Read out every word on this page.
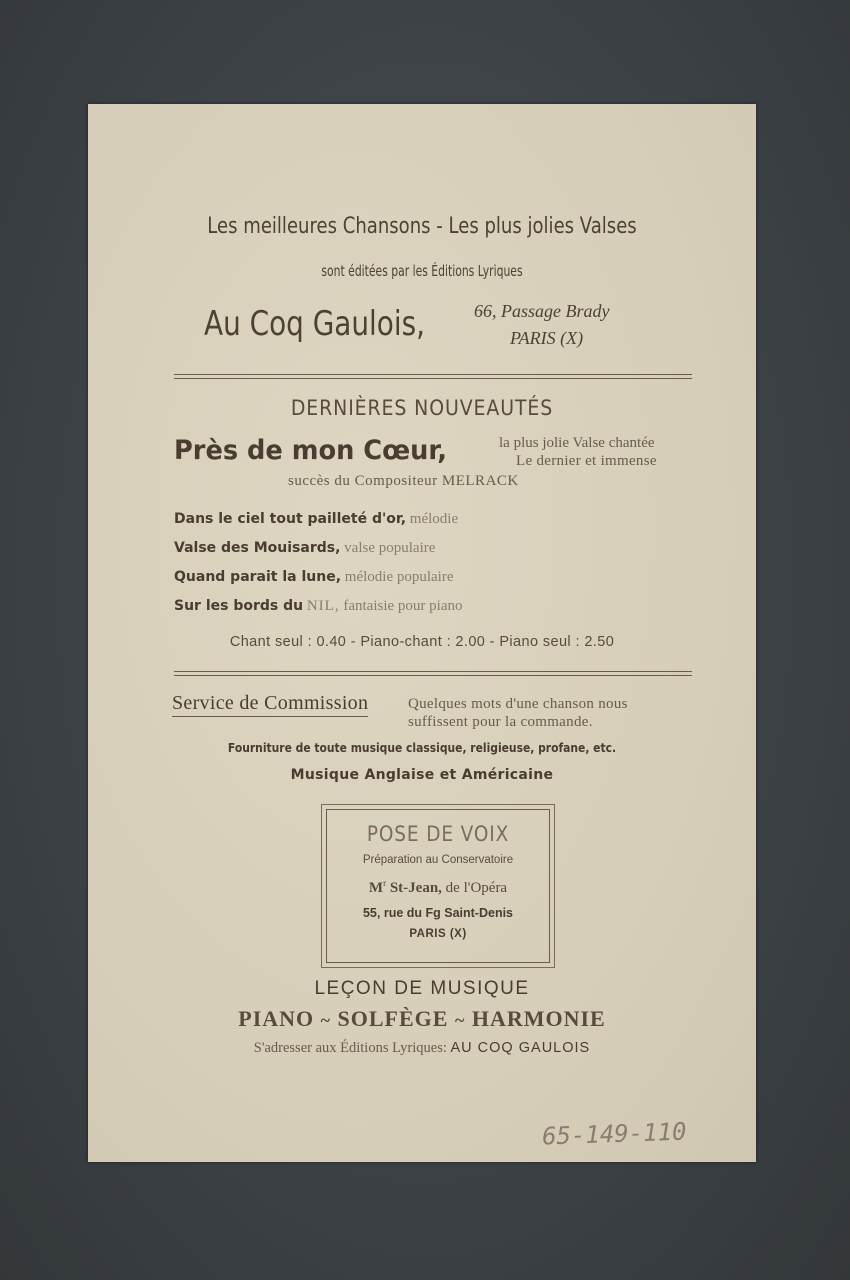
Les meilleures Chansons - Les plus jolies Valses
sont éditées par les Éditions Lyriques
Au Coq Gaulois,	66, Passage Brady
PARIS (X)
DERNIÈRES NOUVEAUTÉS
Près de mon Cœur,	la plus jolie Valse chantée
Le dernier et immense
succès du Compositeur MELRACK
Dans le ciel tout pailleté d'or, mélodie
Valse des Mouisards, valse populaire
Quand parait la lune, mélodie populaire
Sur les bords du NIL, fantaisie pour piano
Chant seul : 0.40 - Piano-chant : 2.00 - Piano seul : 2.50
Service de Commission	Quelques mots d'une chanson nous
suffissent pour la commande.
Fourniture de toute musique classique, religieuse, profane, etc.
Musique Anglaise et Américaine
POSE DE VOIX
Préparation au Conservatoire
$M^r$ St-Jean, de l'Opéra
55, rue du Fg Saint-Denis
PARIS (X)
LEÇON DE MUSIQUE
PIANO ~ SOLFÈGE ~ HARMONIE
S'adresser aux Éditions Lyriques: AU COQ GAULOIS
65-149-110
